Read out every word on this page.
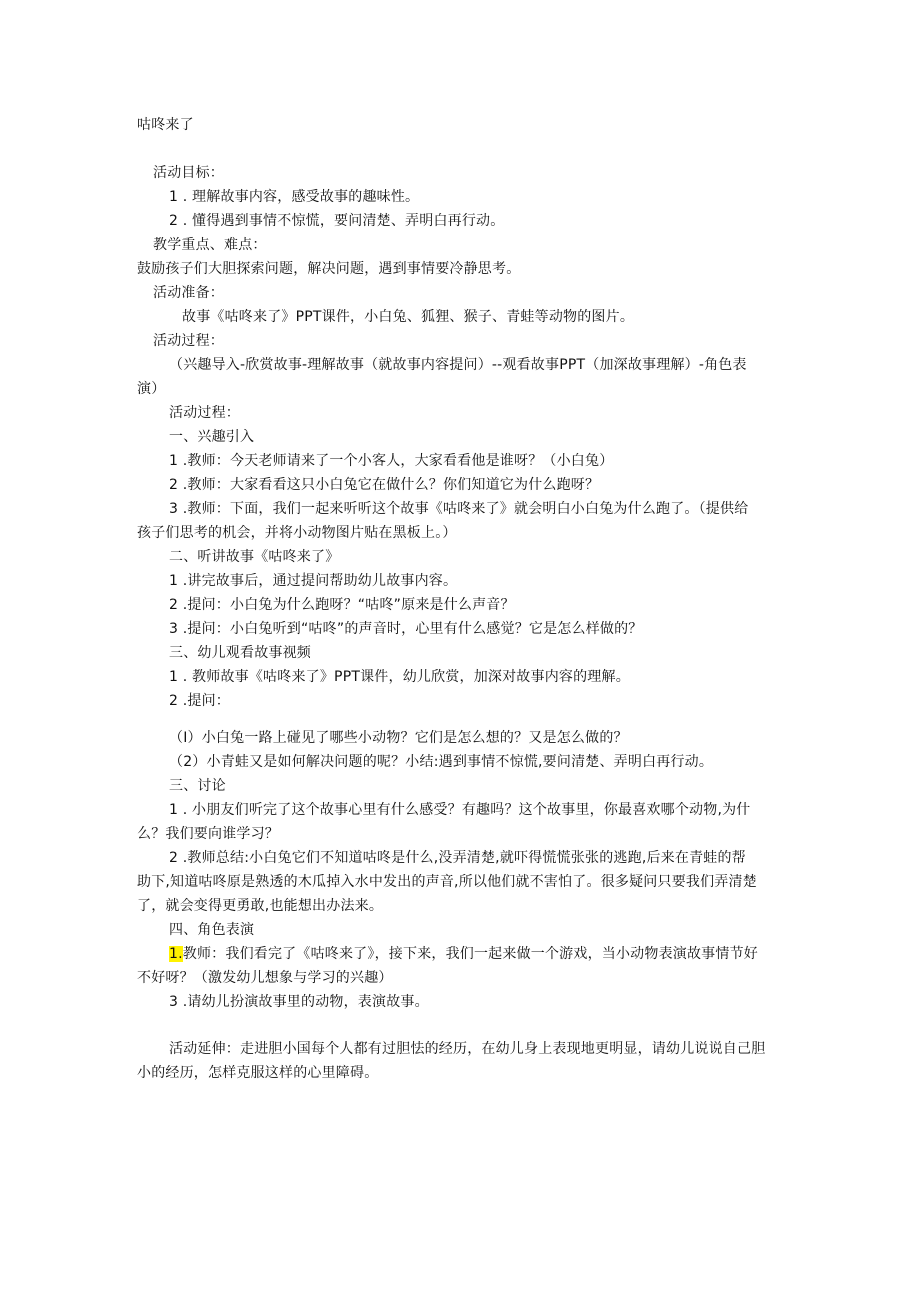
咕咚来了
活动目标：
1 . 理解故事内容，感受故事的趣味性。
2 . 懂得遇到事情不惊慌，要问清楚、弄明白再行动。
教学重点、难点：
鼓励孩子们大胆探索问题，解决问题，遇到事情要冷静思考。
活动准备：
故事《咕咚来了》PPT课件，小白兔、狐狸、猴子、青蛙等动物的图片。
活动过程：
（兴趣导入-欣赏故事-理解故事（就故事内容提问）--观看故事PPT（加深故事理解）-角色表
演）
活动过程：
一、兴趣引入
1 .教师：今天老师请来了一个小客人，大家看看他是谁呀？（小白兔）
2 .教师：大家看看这只小白兔它在做什么？你们知道它为什么跑呀？
3 .教师：下面，我们一起来听听这个故事《咕咚来了》就会明白小白兔为什么跑了。（提供给
孩子们思考的机会，并将小动物图片贴在黑板上。）
二、听讲故事《咕咚来了》
1 .讲完故事后，通过提问帮助幼儿故事内容。
2 .提问：小白兔为什么跑呀？“咕咚”原来是什么声音？
3 .提问：小白兔听到“咕咚”的声音时，心里有什么感觉？它是怎么样做的？
三、幼儿观看故事视频
1 . 教师故事《咕咚来了》PPT课件，幼儿欣赏，加深对故事内容的理解。
2 .提问：
（I）小白兔一路上碰见了哪些小动物？它们是怎么想的？又是怎么做的？
（2）小青蛙又是如何解决问题的呢？小结:遇到事情不惊慌,要问清楚、弄明白再行动。
三、讨论
1 . 小朋友们听完了这个故事心里有什么感受？有趣吗？这个故事里，你最喜欢哪个动物,为什
么？我们要向谁学习？
2 .教师总结:小白兔它们不知道咕咚是什么,没弄清楚,就吓得慌慌张张的逃跑,后来在青蛙的帮
助下,知道咕咚原是熟透的木瓜掉入水中发出的声音,所以他们就不害怕了。很多疑问只要我们弄清楚
了，就会变得更勇敢,也能想出办法来。
四、角色表演
1.教师：我们看完了《咕咚来了》，接下来，我们一起来做一个游戏，当小动物表演故事情节好
不好呀？（激发幼儿想象与学习的兴趣）
3 .请幼儿扮演故事里的动物，表演故事。
活动延伸：走进胆小国每个人都有过胆怯的经历，在幼儿身上表现地更明显，请幼儿说说自己胆
小的经历，怎样克服这样的心里障碍。
